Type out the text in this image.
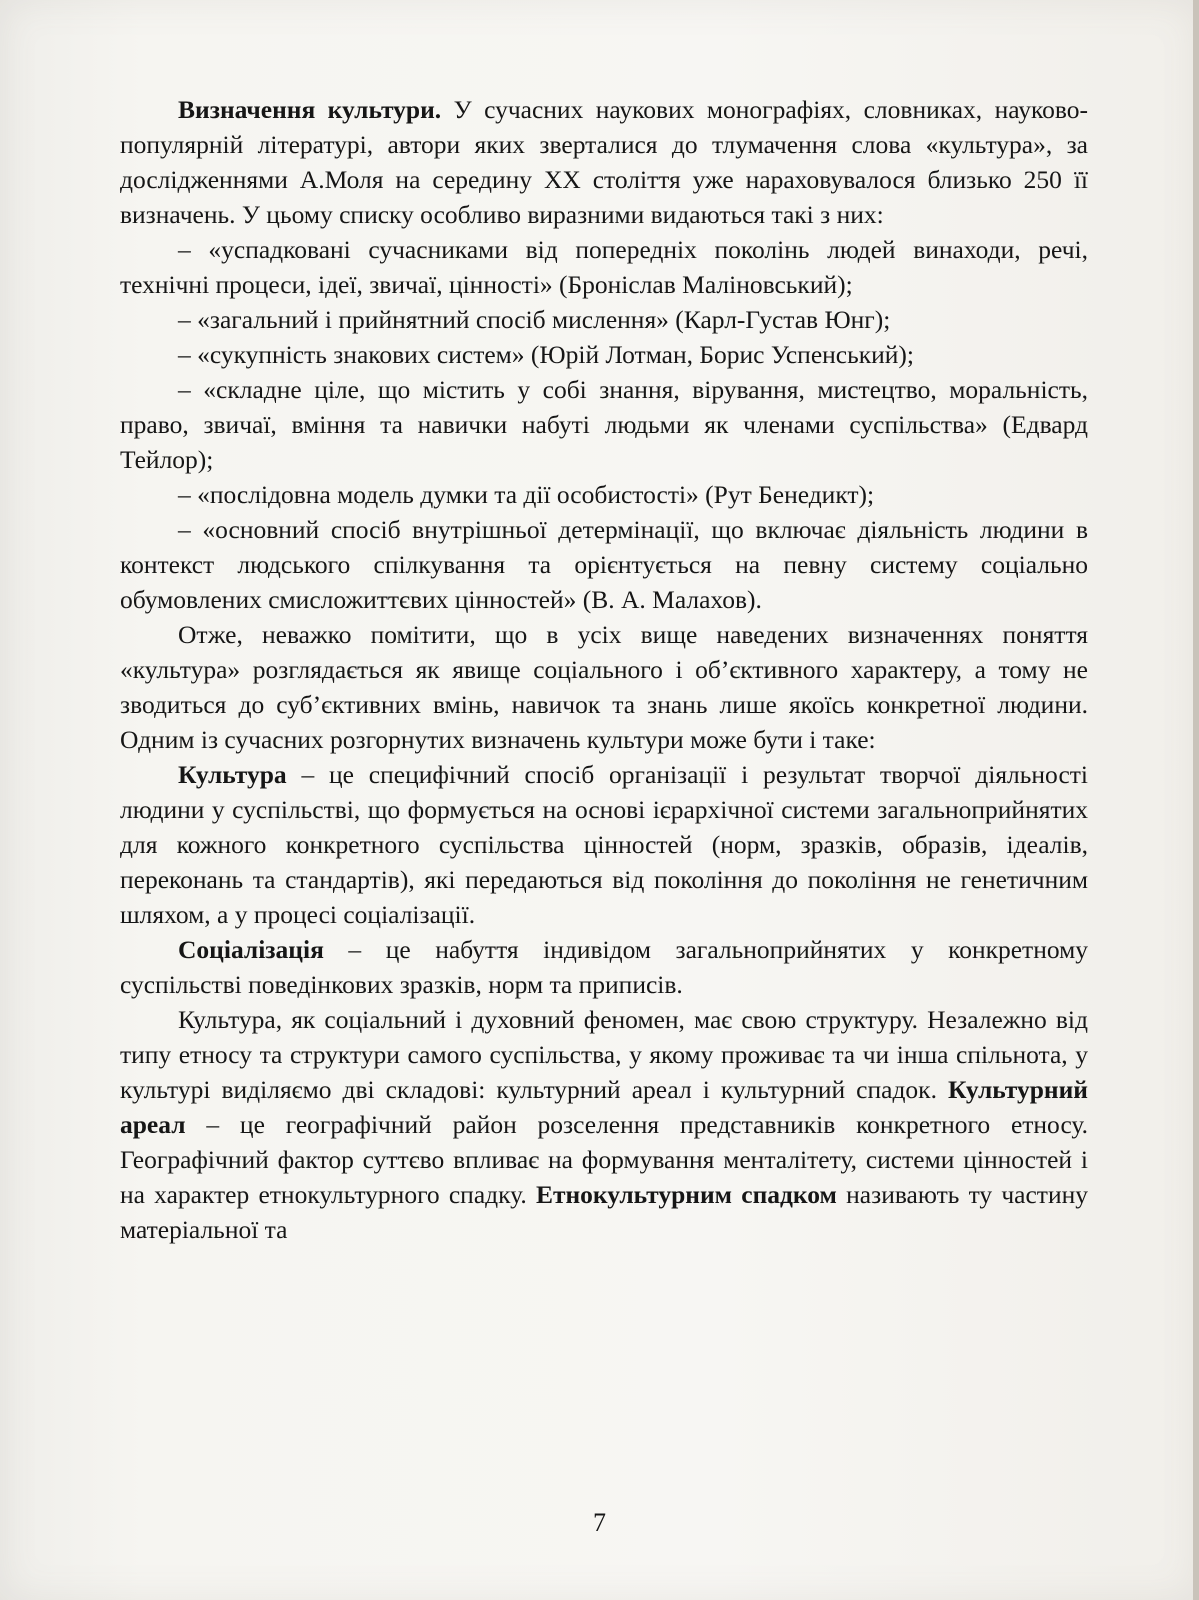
Визначення культури. У сучасних наукових монографіях, словниках, науково-популярній літературі, автори яких зверталися до тлумачення слова «культура», за дослідженнями А.Моля на середину ХХ століття уже нараховувалося близько 250 її визначень. У цьому списку особливо виразними видаються такі з них:

– «успадковані сучасниками від попередніх поколінь людей винаходи, речі, технічні процеси, ідеї, звичаї, цінності» (Броніслав Маліновський);

– «загальний і прийнятний спосіб мислення» (Карл-Густав Юнг);

– «сукупність знакових систем» (Юрій Лотман, Борис Успенський);

– «складне ціле, що містить у собі знання, вірування, мистецтво, моральність, право, звичаї, вміння та навички набуті людьми як членами суспільства» (Едвард Тейлор);

– «послідовна модель думки та дії особистості» (Рут Бенедикт);

– «основний спосіб внутрішньої детермінації, що включає діяльність людини в контекст людського спілкування та орієнтується на певну систему соціально обумовлених смисложиттєвих цінностей» (В. А. Малахов).

Отже, неважко помітити, що в усіх вище наведених визначеннях поняття «культура» розглядається як явище соціального і об’єктивного характеру, а тому не зводиться до суб’єктивних вмінь, навичок та знань лише якоїсь конкретної людини. Одним із сучасних розгорнутих визначень культури може бути і таке:

Культура – це специфічний спосіб організації і результат творчої діяльності людини у суспільстві, що формується на основі ієрархічної системи загальноприйнятих для кожного конкретного суспільства цінностей (норм, зразків, образів, ідеалів, переконань та стандартів), які передаються від покоління до покоління не генетичним шляхом, а у процесі соціалізації.

Соціалізація – це набуття індивідом загальноприйнятих у конкретному суспільстві поведінкових зразків, норм та приписів.

Культура, як соціальний і духовний феномен, має свою структуру. Незалежно від типу етносу та структури самого суспільства, у якому проживає та чи інша спільнота, у культурі виділяємо дві складові: культурний ареал і культурний спадок. Культурний ареал – це географічний район розселення представників конкретного етносу. Географічний фактор суттєво впливає на формування менталітету, системи цінностей і на характер етнокультурного спадку. Етнокультурним спадком називають ту частину матеріальної та

7
